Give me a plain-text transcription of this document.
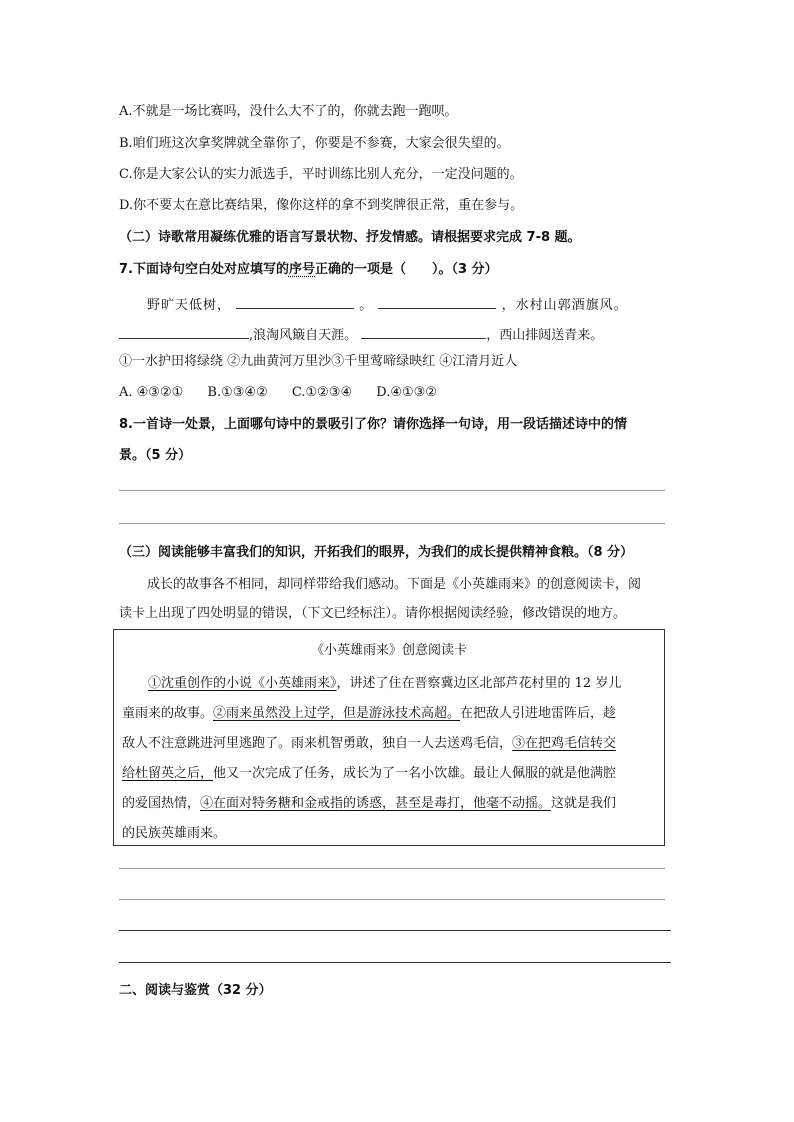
A.不就是一场比赛吗，没什么大不了的，你就去跑一跑呗。
B.咱们班这次拿奖牌就全靠你了，你要是不参赛，大家会很失望的。
C.你是大家公认的实力派选手，平时训练比别人充分，一定没问题的。
D.你不要太在意比赛结果，像你这样的拿不到奖牌很正常，重在参与。
（二）诗歌常用凝练优雅的语言写景状物、抒发情感。请根据要求完成 7-8 题。
7.下面诗句空白处对应填写的序号正确的一项是（　　）。（3 分）
野旷天低树，	。	，水村山郭酒旗风。
,浪淘风簸自天涯。	，西山排闼送青来。
①一水护田将绿绕 ②九曲黄河万里沙③千里莺啼绿映红 ④江清月近人
A. ④③②① B.①③④② C.①②③④ D.④①③②
8.一首诗一处景，上面哪句诗中的景吸引了你？请你选择一句诗，用一段话描述诗中的情
景。（5 分）
（三）阅读能够丰富我们的知识，开拓我们的眼界，为我们的成长提供精神食粮。（8 分）
成长的故事各不相同，却同样带给我们感动。下面是《小英雄雨来》的创意阅读卡，阅
读卡上出现了四处明显的错误，（下文已经标注）。请你根据阅读经验，修改错误的地方。
《小英雄雨来》创意阅读卡
①沈重创作的小说《小英雄雨来》，讲述了住在晋察冀边区北部芦花村里的 12 岁儿
童雨来的故事。②雨来虽然没上过学，但是游泳技术高超。在把敌人引进地雷阵后，趁
敌人不注意跳进河里逃跑了。雨来机智勇敢，独自一人去送鸡毛信，③在把鸡毛信转交
给杜留英之后，他又一次完成了任务，成长为了一名小饮雄。最让人佩服的就是他满腔
的爱国热情，④在面对特务糖和金戒指的诱惑，甚至是毒打，他毫不动摇。这就是我们
的民族英雄雨来。
二、阅读与鉴赏（32 分）
